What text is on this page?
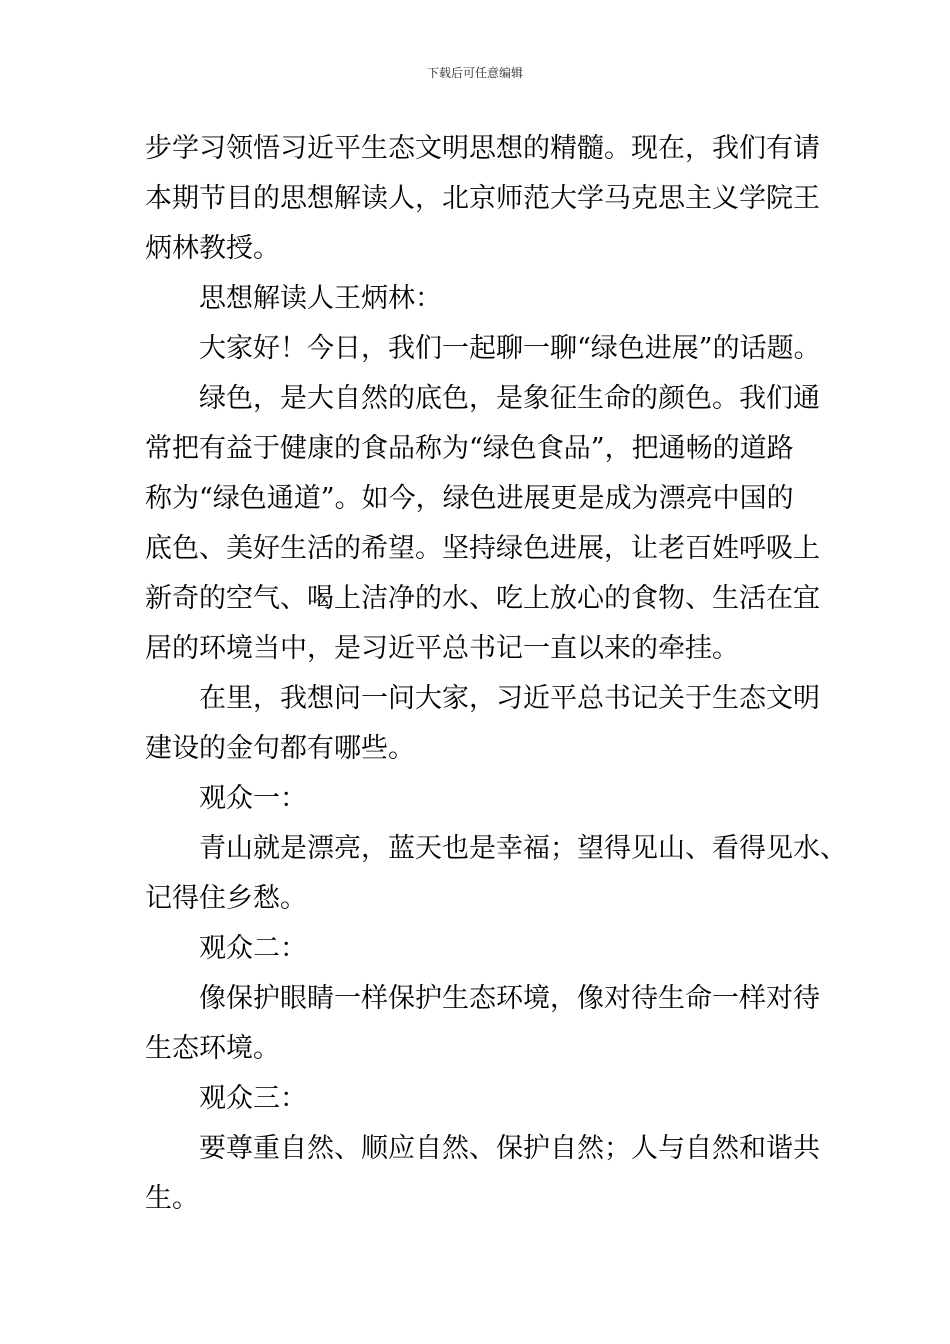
下载后可任意编辑
步学习领悟习近平生态文明思想的精髓。现在，我们有请
本期节目的思想解读人，北京师范大学马克思主义学院王
炳林教授。
思想解读人王炳林：
大家好！今日，我们一起聊一聊“绿色进展”的话题。
绿色，是大自然的底色，是象征生命的颜色。我们通
常把有益于健康的食品称为“绿色食品”，把通畅的道路
称为“绿色通道”。如今，绿色进展更是成为漂亮中国的
底色、美好生活的希望。坚持绿色进展，让老百姓呼吸上
新奇的空气、喝上洁净的水、吃上放心的食物、生活在宜
居的环境当中，是习近平总书记一直以来的牵挂。
在里，我想问一问大家，习近平总书记关于生态文明
建设的金句都有哪些。
观众一：
青山就是漂亮，蓝天也是幸福；望得见山、看得见水、
记得住乡愁。
观众二：
像保护眼睛一样保护生态环境，像对待生命一样对待
生态环境。
观众三：
要尊重自然、顺应自然、保护自然；人与自然和谐共
生。
